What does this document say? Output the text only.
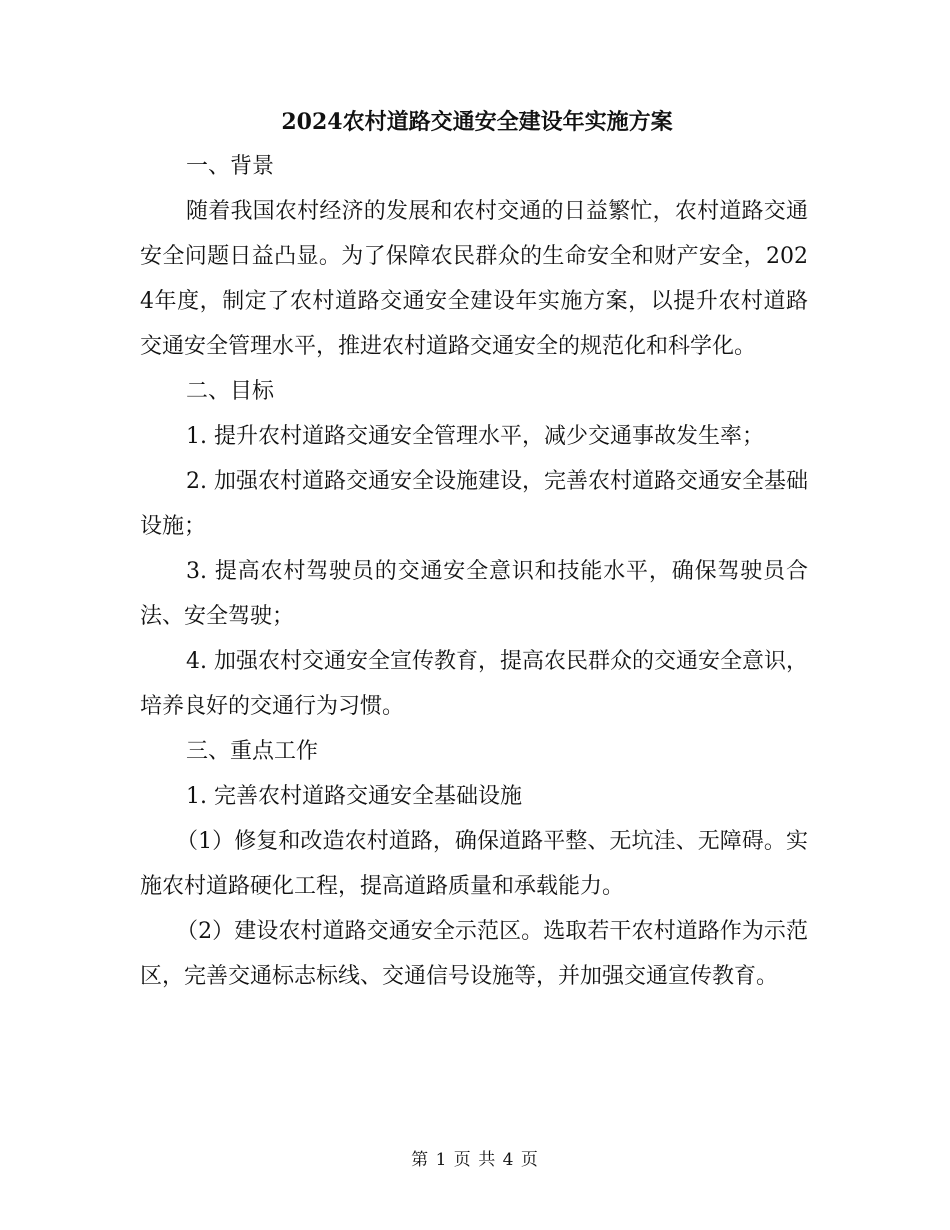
2024农村道路交通安全建设年实施方案

一、背景

随着我国农村经济的发展和农村交通的日益繁忙，农村道路交通安全问题日益凸显。为了保障农民群众的生命安全和财产安全，2024年度，制定了农村道路交通安全建设年实施方案，以提升农村道路交通安全管理水平，推进农村道路交通安全的规范化和科学化。

二、目标

1. 提升农村道路交通安全管理水平，减少交通事故发生率；

2. 加强农村道路交通安全设施建设，完善农村道路交通安全基础设施；

3. 提高农村驾驶员的交通安全意识和技能水平，确保驾驶员合法、安全驾驶；

4. 加强农村交通安全宣传教育，提高农民群众的交通安全意识，培养良好的交通行为习惯。

三、重点工作

1. 完善农村道路交通安全基础设施

（1）修复和改造农村道路，确保道路平整、无坑洼、无障碍。实施农村道路硬化工程，提高道路质量和承载能力。

（2）建设农村道路交通安全示范区。选取若干农村道路作为示范区，完善交通标志标线、交通信号设施等，并加强交通宣传教育。

第 1 页 共 4 页
